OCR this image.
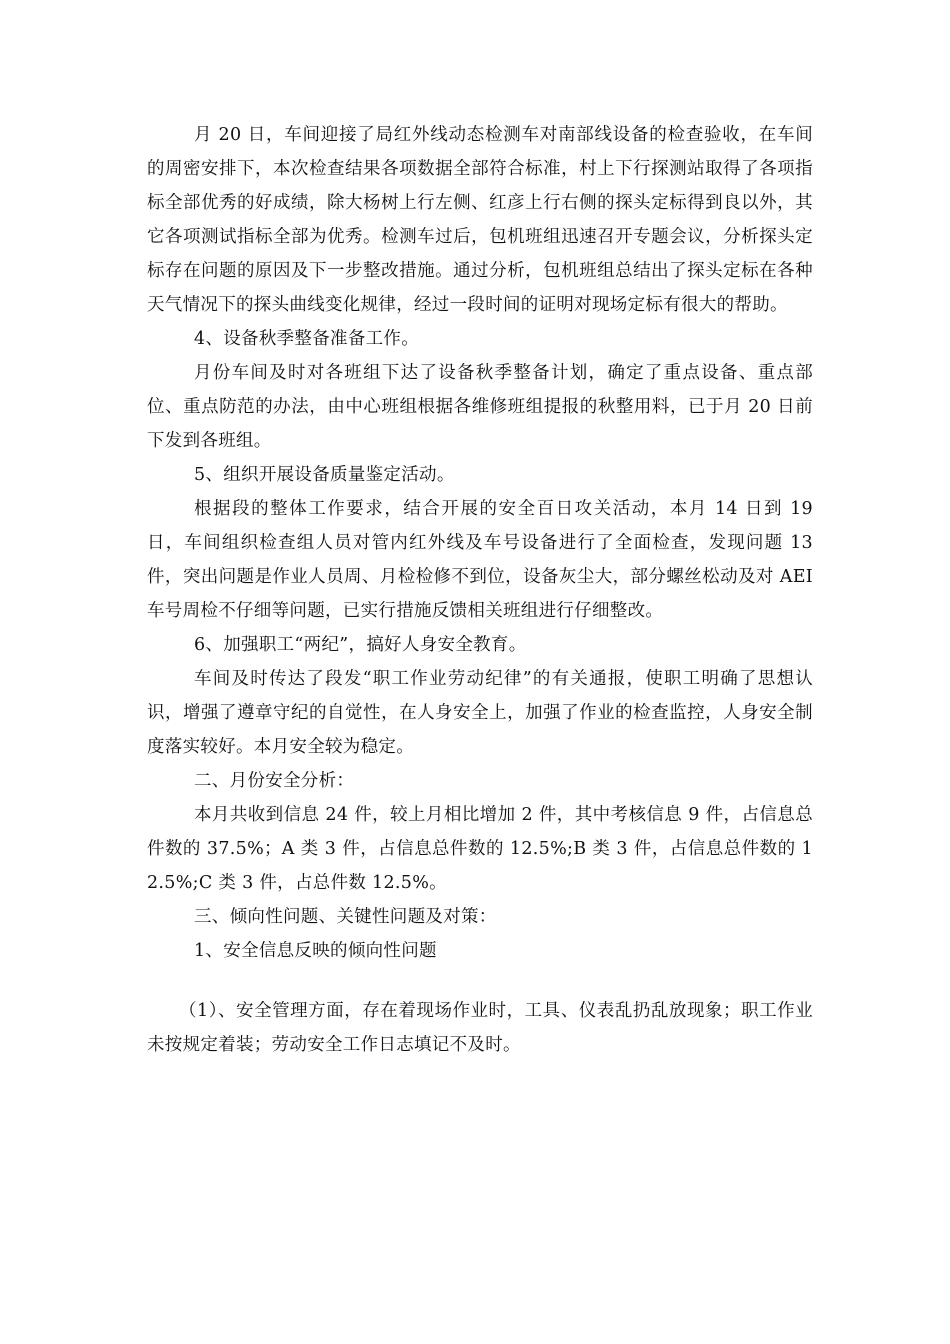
月 20 日，车间迎接了局红外线动态检测车对南部线设备的检查验收，在车间的周密安排下，本次检查结果各项数据全部符合标准，村上下行探测站取得了各项指标全部优秀的好成绩，除大杨树上行左侧、红彦上行右侧的探头定标得到良以外，其它各项测试指标全部为优秀。检测车过后，包机班组迅速召开专题会议，分析探头定标存在问题的原因及下一步整改措施。通过分析，包机班组总结出了探头定标在各种天气情况下的探头曲线变化规律，经过一段时间的证明对现场定标有很大的帮助。

4、设备秋季整备准备工作。

月份车间及时对各班组下达了设备秋季整备计划，确定了重点设备、重点部位、重点防范的办法，由中心班组根据各维修班组提报的秋整用料，已于月 20 日前下发到各班组。

5、组织开展设备质量鉴定活动。

根据段的整体工作要求，结合开展的安全百日攻关活动，本月 14 日到 19 日，车间组织检查组人员对管内红外线及车号设备进行了全面检查，发现问题 13 件，突出问题是作业人员周、月检检修不到位，设备灰尘大，部分螺丝松动及对 AEI 车号周检不仔细等问题，已实行措施反馈相关班组进行仔细整改。

6、加强职工“两纪”，搞好人身安全教育。

车间及时传达了段发“职工作业劳动纪律”的有关通报，使职工明确了思想认识，增强了遵章守纪的自觉性，在人身安全上，加强了作业的检查监控，人身安全制度落实较好。本月安全较为稳定。

二、月份安全分析：

本月共收到信息 24 件，较上月相比增加 2 件，其中考核信息 9 件，占信息总件数的 37.5%；A 类 3 件，占信息总件数的 12.5%;B 类 3 件，占信息总件数的 12.5%;C 类 3 件，占总件数 12.5%。

三、倾向性问题、关键性问题及对策：

1、安全信息反映的倾向性问题

（1）、安全管理方面，存在着现场作业时，工具、仪表乱扔乱放现象；职工作业未按规定着装；劳动安全工作日志填记不及时。
